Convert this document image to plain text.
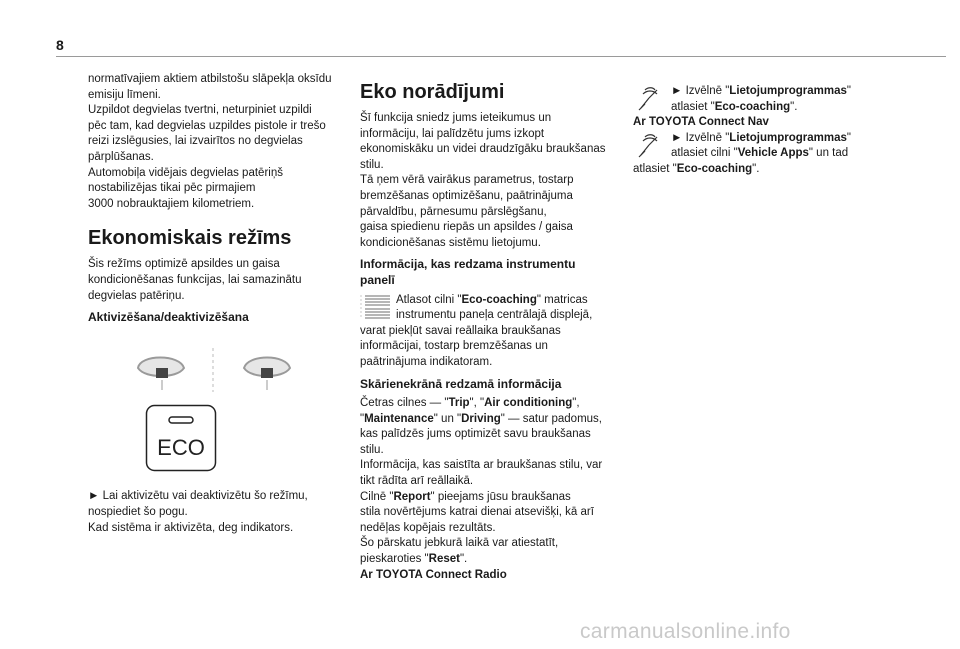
8
normatīvajiem aktiem atbilstošu slāpekļa oksīdu
emisiju līmeni.
Uzpildot degvielas tvertni, neturpiniet uzpildi
pēc tam, kad degvielas uzpildes pistole ir trešo
reizi izslēgusies, lai izvairītos no degvielas
pārplūšanas.
Automobiļa vidējais degvielas patēriņš
nostabilizējas tikai pēc pirmajiem
3000 nobrauktajiem kilometriem.
Ekonomiskais režīms
Šis režīms optimizē apsildes un gaisa
kondicionēšanas funkcijas, lai samazinātu
degvielas patēriņu.
Aktivizēšana/deaktivizēšana
ECO
► Lai aktivizētu vai deaktivizētu šo režīmu,
nospiediet šo pogu.
Kad sistēma ir aktivizēta, deg indikators.
Eko norādījumi
Šī funkcija sniedz jums ieteikumus un
informāciju, lai palīdzētu jums izkopt
ekonomiskāku un videi draudzīgāku braukšanas
stilu.
Tā ņem vērā vairākus parametrus, tostarp
bremzēšanas optimizēšanu, paātrinājuma
pārvaldību, pārnesumu pārslēgšanu,
gaisa spiedienu riepās un apsildes / gaisa
kondicionēšanas sistēmu lietojumu.
Informācija, kas redzama instrumentu
panelī
Atlasot cilni "Eco-coaching" matricas
instrumentu paneļa centrālajā displejā,
varat piekļūt savai reāllaika braukšanas
informācijai, tostarp bremzēšanas un
paātrinājuma indikatoram.
Skārienekrānā redzamā informācija
Četras cilnes — "Trip", "Air conditioning",
"Maintenance" un "Driving" — satur padomus,
kas palīdzēs jums optimizēt savu braukšanas
stilu.
Informācija, kas saistīta ar braukšanas stilu, var
tikt rādīta arī reāllaikā.
Cilnē "Report" pieejams jūsu braukšanas
stila novērtējums katrai dienai atsevišķi, kā arī
nedēļas kopējais rezultāts.
Šo pārskatu jebkurā laikā var atiestatīt,
pieskaroties "Reset".
Ar TOYOTA Connect Radio
► Izvēlnē "Lietojumprogrammas"
atlasiet "Eco-coaching".
Ar TOYOTA Connect Nav
► Izvēlnē "Lietojumprogrammas"
atlasiet cilni "Vehicle Apps" un tad
atlasiet "Eco-coaching".
carmanualsonline.info
